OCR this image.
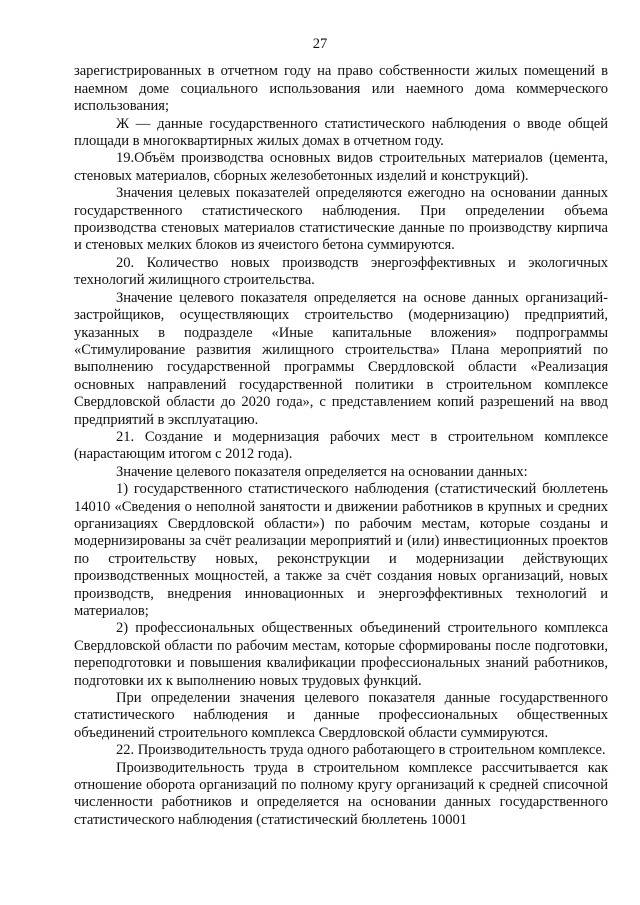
27

зарегистрированных в отчетном году на право собственности жилых помещений в наемном доме социального использования или наемного дома коммерческого использования;

Ж — данные государственного статистического наблюдения о вводе общей площади в многоквартирных жилых домах в отчетном году.

19.Объём производства основных видов строительных материалов (цемента, стеновых материалов, сборных железобетонных изделий и конструкций).

Значения целевых показателей определяются ежегодно на основании данных государственного статистического наблюдения. При определении объема производства стеновых материалов статистические данные по производству кирпича и стеновых мелких блоков из ячеистого бетона суммируются.

20. Количество новых производств энергоэффективных и экологичных технологий жилищного строительства.

Значение целевого показателя определяется на основе данных организаций-застройщиков, осуществляющих строительство (модернизацию) предприятий, указанных в подразделе «Иные капитальные вложения» подпрограммы «Стимулирование развития жилищного строительства» Плана мероприятий по выполнению государственной программы Свердловской области «Реализация основных направлений государственной политики в строительном комплексе Свердловской области до 2020 года», с представлением копий разрешений на ввод предприятий в эксплуатацию.

21. Создание и модернизация рабочих мест в строительном комплексе (нарастающим итогом с 2012 года).

Значение целевого показателя определяется на основании данных:

1) государственного статистического наблюдения (статистический бюллетень 14010 «Сведения о неполной занятости и движении работников в крупных и средних организациях Свердловской области») по рабочим местам, которые созданы и модернизированы за счёт реализации мероприятий и (или) инвестиционных проектов по строительству новых, реконструкции и модернизации действующих производственных мощностей, а также за счёт создания новых организаций, новых производств, внедрения инновационных и энергоэффективных технологий и материалов;

2) профессиональных общественных объединений строительного комплекса Свердловской области по рабочим местам, которые сформированы после подготовки, переподготовки и повышения квалификации профессиональных знаний работников, подготовки их к выполнению новых трудовых функций.

При определении значения целевого показателя данные государственного статистического наблюдения и данные профессиональных общественных объединений строительного комплекса Свердловской области суммируются.

22. Производительность труда одного работающего в строительном комплексе.

Производительность труда в строительном комплексе рассчитывается как отношение оборота организаций по полному кругу организаций к средней списочной численности работников и определяется на основании данных государственного статистического наблюдения (статистический бюллетень 10001
